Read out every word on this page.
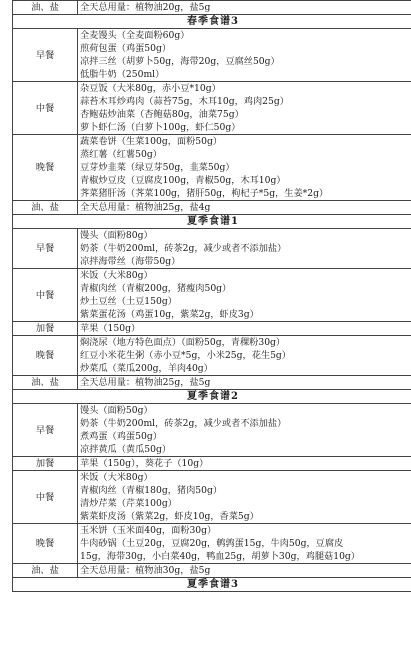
油、盐	全天总用量：植物油20g，盐5g

春季食谱3	
早餐	全麦馒头（全麦面粉60g）
煎荷包蛋（鸡蛋50g）
凉拌三丝（胡萝卜50g，海带20g，豆腐丝50g）
低脂牛奶（250ml）

中餐	杂豆饭（大米80g，赤小豆*10g）
蒜苔木耳炒鸡肉（蒜苔75g，木耳10g，鸡肉25g）
杏鲍菇炒油菜（杏鲍菇80g，油菜75g）
萝卜虾仁汤（白萝卜100g，虾仁50g）

晚餐	蔬菜卷饼（生菜100g，面粉50g）
蒸红薯（红薯50g）
豆芽炒韭菜（绿豆芽50g，韭菜50g）
青椒炒豆皮（豆腐皮100g，青椒50g，木耳10g）
荠菜猪肝汤（荠菜100g，猪肝50g，枸杞子*5g，生姜*2g）

油、盐	全天总用量：植物油25g，盐4g

夏季食谱1	
早餐	馒头（面粉80g）
奶茶（牛奶200ml，砖茶2g，减少或者不添加盐）
凉拌海带丝（海带50g）

中餐	米饭（大米80g）
青椒肉丝（青椒200g，猪瘦肉50g）
炒土豆丝（土豆150g）
紫菜蛋花汤（鸡蛋10g，紫菜2g，虾皮3g）

加餐	苹果（150g）

晚餐	焖浇尿（地方特色面点）（面粉50g，青稞粉30g）
红豆小米花生粥（赤小豆*5g，小米25g，花生5g）
炒菜瓜（菜瓜200g，羊肉40g）

油、盐	全天总用量：植物油25g，盐5g

夏季食谱2	
早餐	馒头（面粉50g）
奶茶（牛奶200ml，砖茶2g，减少或者不添加盐）
煮鸡蛋（鸡蛋50g）
凉拌黄瓜（黄瓜50g）

加餐	苹果（150g），葵花子（10g）

中餐	米饭（大米80g）
青椒肉丝（青椒180g，猪肉50g）
清炒芹菜（芹菜100g）
紫菜虾皮汤（紫菜2g，虾皮10g，香菜5g）

晚餐	玉米饼（玉米面40g，面粉30g）
牛肉砂锅（土豆20g，豆腐20g，鹌鹑蛋15g，牛肉50g，豆腐皮
15g，海带30g，小白菜40g，鸭血25g，胡萝卜30g，鸡腿菇10g）

油、盐	全天总用量：植物油30g，盐5g

夏季食谱3	
